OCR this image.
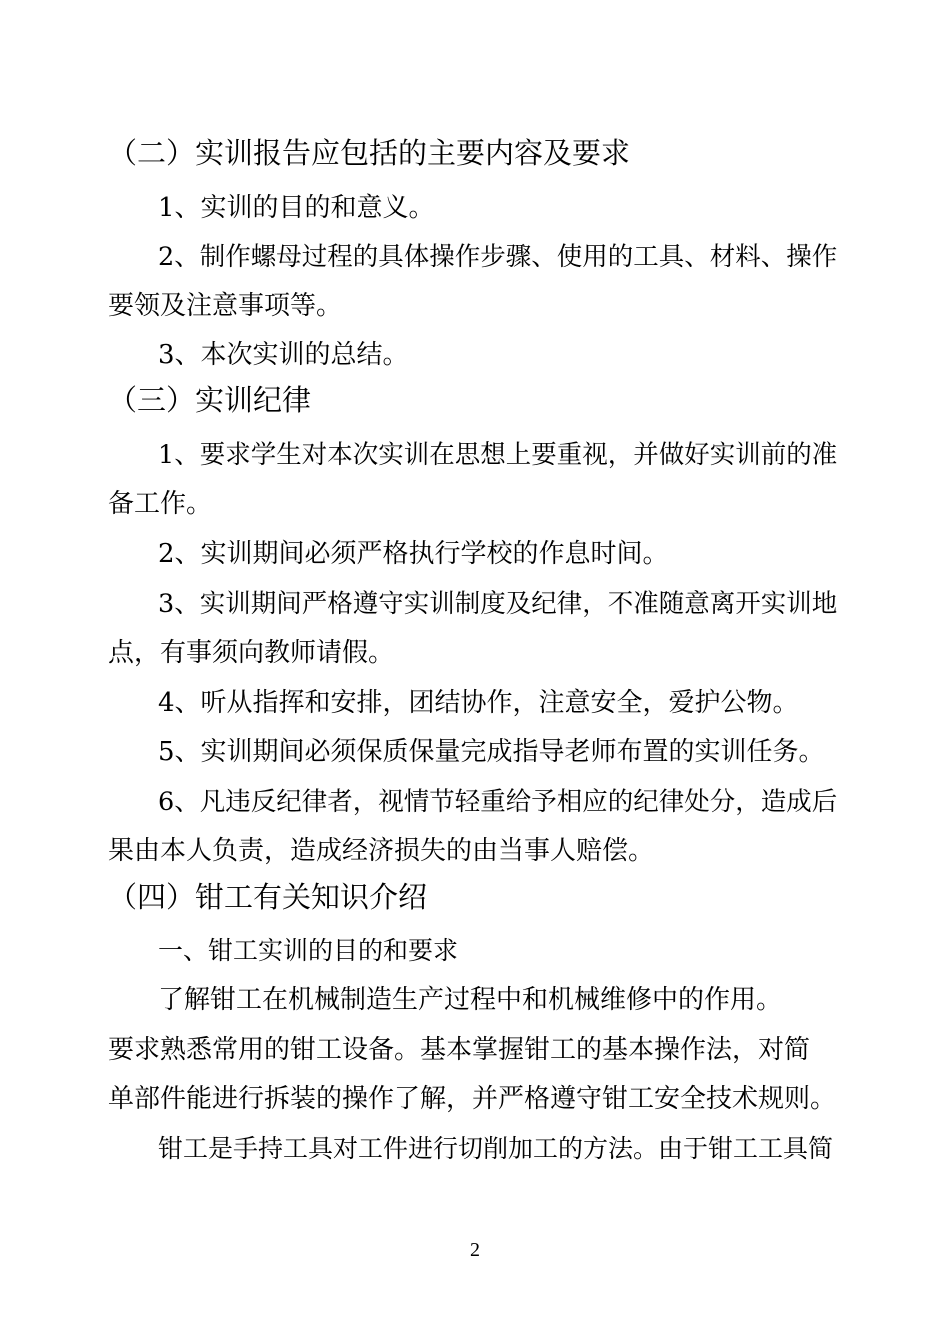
（二）实训报告应包括的主要内容及要求
1、实训的目的和意义。
2、制作螺母过程的具体操作步骤、使用的工具、材料、操作
要领及注意事项等。
3、本次实训的总结。
（三）实训纪律
1、要求学生对本次实训在思想上要重视，并做好实训前的准
备工作。
2、实训期间必须严格执行学校的作息时间。
3、实训期间严格遵守实训制度及纪律，不准随意离开实训地
点，有事须向教师请假。
4、听从指挥和安排，团结协作，注意安全，爱护公物。
5、实训期间必须保质保量完成指导老师布置的实训任务。
6、凡违反纪律者，视情节轻重给予相应的纪律处分，造成后
果由本人负责，造成经济损失的由当事人赔偿。
（四）钳工有关知识介绍
一、钳工实训的目的和要求
了解钳工在机械制造生产过程中和机械维修中的作用。
要求熟悉常用的钳工设备。基本掌握钳工的基本操作法，对简
单部件能进行拆装的操作了解，并严格遵守钳工安全技术规则。
钳工是手持工具对工件进行切削加工的方法。由于钳工工具简
2
